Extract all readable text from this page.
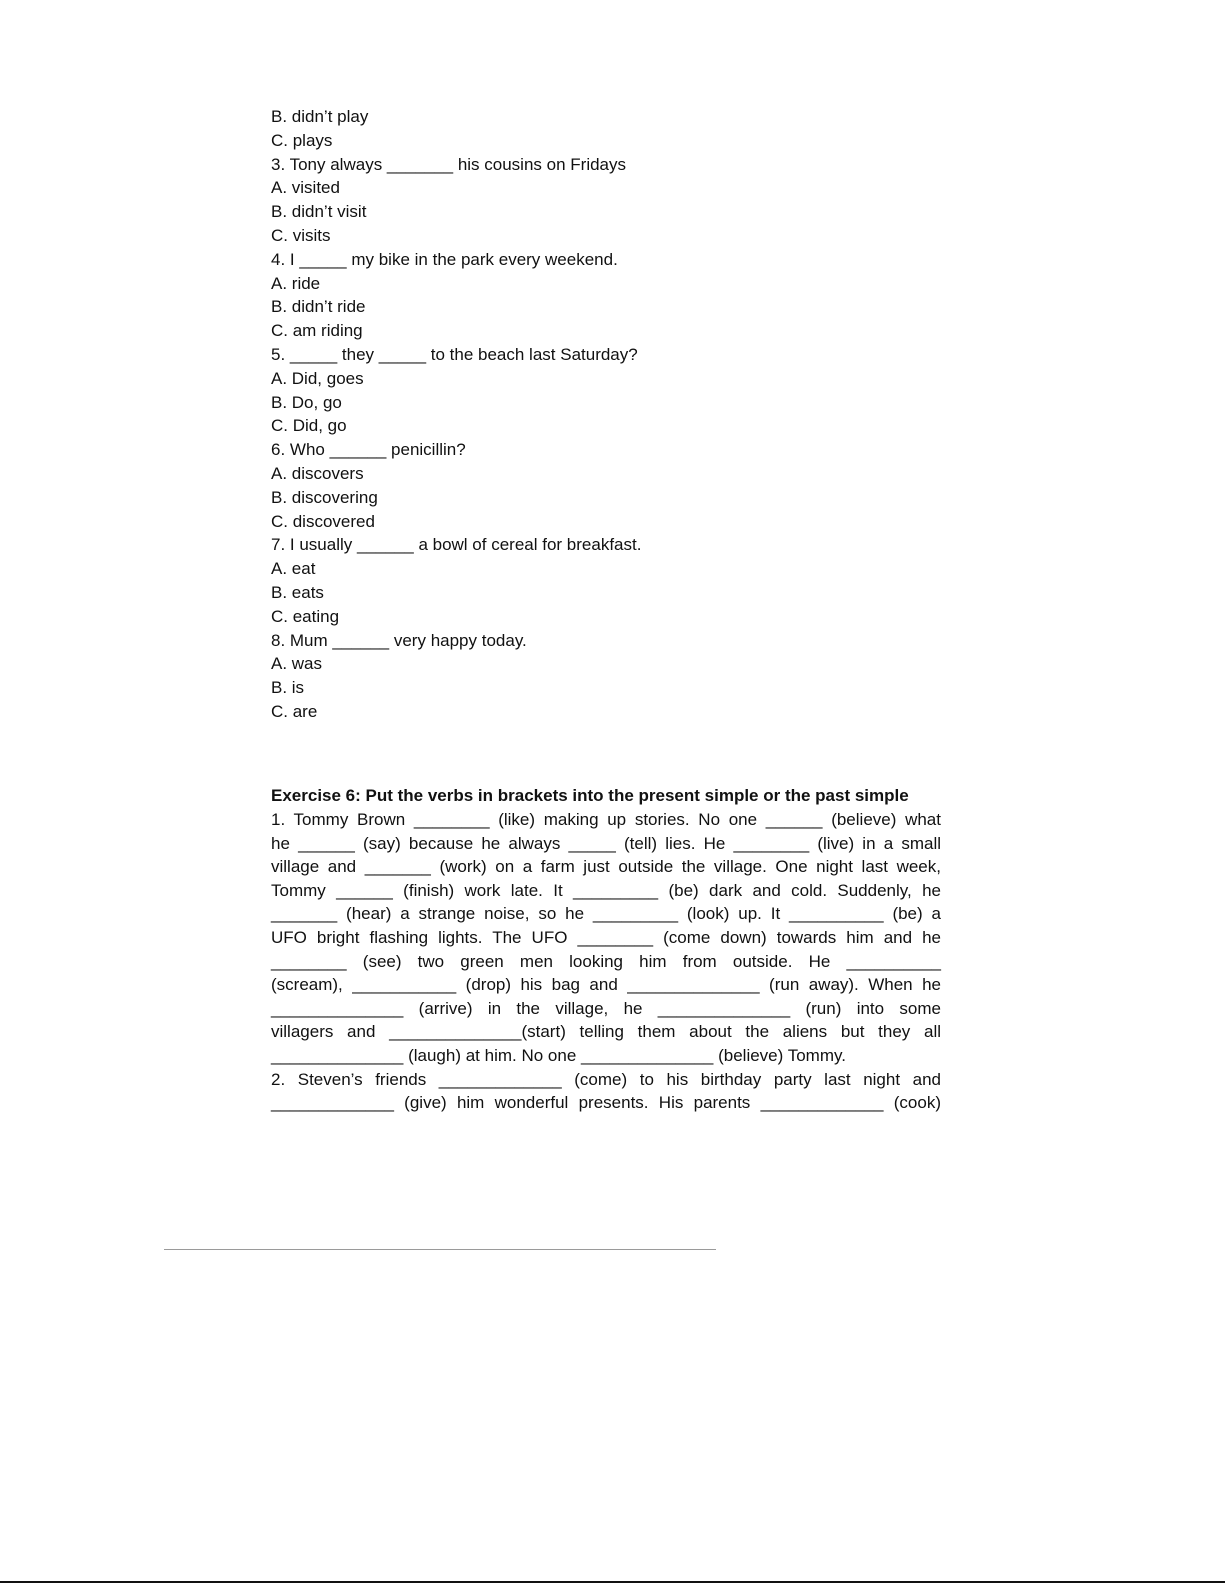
B. didn’t play
C. plays
3. Tony always _______ his cousins on Fridays
A. visited
B. didn’t visit
C. visits
4. I _____ my bike in the park every weekend.
A. ride
B. didn’t ride
C. am riding
5. _____ they _____ to the beach last Saturday?
A. Did, goes
B. Do, go
C. Did, go
6. Who ______ penicillin?
A. discovers
B. discovering
C. discovered
7. I usually ______ a bowl of cereal for breakfast.
A. eat
B. eats
C. eating
8. Mum ______ very happy today.
A. was
B. is
C. are
Exercise 6: Put the verbs in brackets into the present simple or the past simple
1. Tommy Brown ________ (like) making up stories. No one ______ (believe) what
he ______ (say) because he always _____ (tell) lies. He ________ (live) in a small
village and _______ (work) on a farm just outside the village. One night last week,
Tommy ______ (finish) work late. It _________ (be) dark and cold. Suddenly, he
_______ (hear) a strange noise, so he _________ (look) up. It __________ (be) a
UFO bright flashing lights. The UFO ________ (come down) towards him and he
________ (see) two green men looking him from outside. He __________
(scream), ___________ (drop) his bag and ______________ (run away). When he
______________ (arrive) in the village, he ______________ (run) into some
villagers and ______________(start) telling them about the aliens but they all
______________ (laugh) at him. No one ______________ (believe) Tommy.
2. Steven’s friends _____________ (come) to his birthday party last night and
_____________ (give) him wonderful presents. His parents _____________ (cook)
